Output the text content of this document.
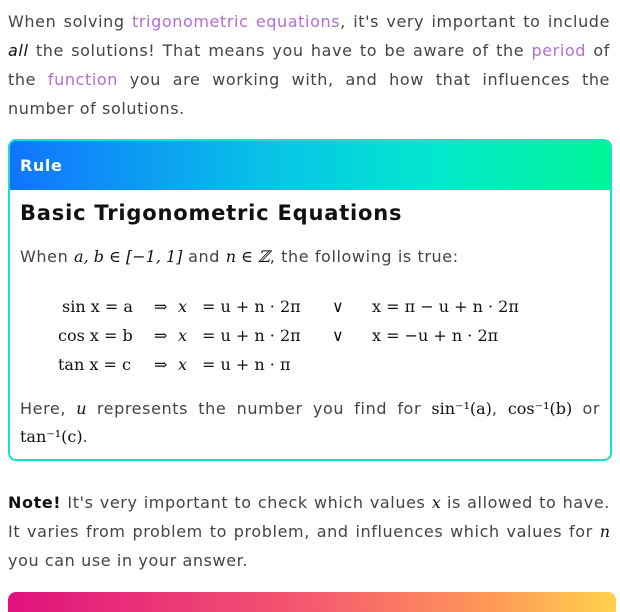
When solving trigonometric equations, it's very important to include all the solutions! That means you have to be aware of the period of the function you are working with, and how that influences the number of solutions.

Rule
Basic Trigonometric Equations
When a, b ∈ [−1, 1] and n ∈ ℤ, the following is true:
sin x = a ⇒ x = u + n · 2π ∨ x = π − u + n · 2π
cos x = b ⇒ x = u + n · 2π ∨ x = −u + n · 2π
tan x = c ⇒ x = u + n · π
Here, u represents the number you find for sin⁻¹(a), cos⁻¹(b) or tan⁻¹(c).

Note! It's very important to check which values x is allowed to have. It varies from problem to problem, and influences which values for n you can use in your answer.
